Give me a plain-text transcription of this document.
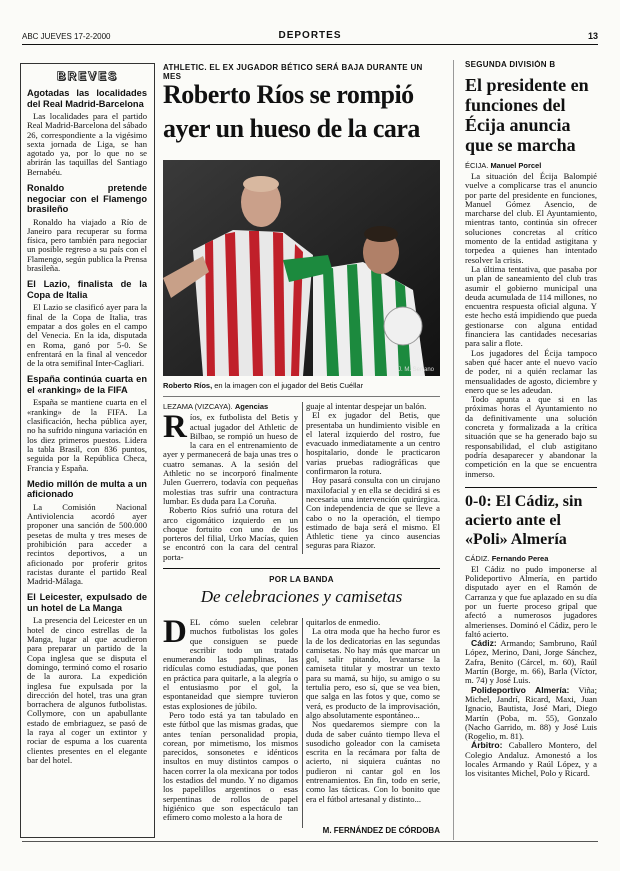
ABC JUEVES 17-2-2000	DEPORTES	13
BREVES
Agotadas las localidades del Real Madrid-Barcelona

Las localidades para el partido Real Madrid-Barcelona del sábado 26, correspondiente a la vigésimo sexta jornada de Liga, se han agotado ya, por lo que no se abrirán las taquillas del Santiago Bernabéu.

Ronaldo pretende negociar con el Flamengo brasileño

Ronaldo ha viajado a Río de Janeiro para recuperar su forma física, pero también para negociar un posible regreso a su país con el Flamengo, según publica la Prensa brasileña.

El Lazio, finalista de la Copa de Italia

El Lazio se clasificó ayer para la final de la Copa de Italia, tras empatar a dos goles en el campo del Venecia. En la ida, disputada en Roma, ganó por 5-0. Se enfrentará en la final al vencedor de la otra semifinal Inter-Cagliari.

España continúa cuarta en el «ranking» de la FIFA

España se mantiene cuarta en el «ranking» de la FIFA. La clasificación, hecha pública ayer, no ha sufrido ninguna variación en los diez primeros puestos. Lidera la tabla Brasil, con 836 puntos, seguida por la República Checa, Francia y España.

Medio millón de multa a un aficionado

La Comisión Nacional Antiviolencia acordó ayer proponer una sanción de 500.000 pesetas de multa y tres meses de prohibición para acceder a recintos deportivos, a un aficionado por proferir gritos racistas durante el partido Real Madrid-Málaga.

El Leicester, expulsado de un hotel de La Manga

La presencia del Leicester en un hotel de cinco estrellas de la Manga, lugar al que acudieron para preparar un partido de la Copa inglesa que se disputa el domingo, terminó como el rosario de la aurora. La expedición inglesa fue expulsada por la dirección del hotel, tras una gran borrachera de algunos futbolistas. Collymore, con un apabullante estado de embriaguez, se pasó de la raya al coger un extintor y rociar de espuma a los cuarenta clientes presentes en el elegante bar del hotel.

ATHLETIC. EL EX JUGADOR BÉTICO SERÁ BAJA DURANTE UN MES
Roberto Ríos se rompió
ayer un hueso de la cara
J. M. Serrano
Roberto Ríos, en la imagen con el jugador del Betis Cuéllar
LEZAMA (VIZCAYA). Agencias

Ríos, ex futbolista del Betis y actual jugador del Athletic de Bilbao, se rompió un hueso de la cara en el entrenamiento de ayer y permanecerá de baja unas tres o cuatro semanas. A la sesión del Athletic no se incorporó finalmente Julen Guerrero, todavía con pequeñas molestias tras sufrir una contractura lumbar. Es duda para La Coruña.

Roberto Ríos sufrió una rotura del arco cigomático izquierdo en un choque fortuito con uno de los porteros del filial, Urko Macías, quien se encontró con la cara del central porta-

guaje al intentar despejar un balón.

El ex jugador del Betis, que presentaba un hundimiento visible en el lateral izquierdo del rostro, fue evacuado inmediatamente a un centro hospitalario, donde le practicaron varias pruebas radiográficas que confirmaron la rotura.

Hoy pasará consulta con un cirujano maxilofacial y en ella se decidirá si es necesaria una intervención quirúrgica. Con independencia de que se lleve a cabo o no la operación, el tiempo estimado de baja será el mismo. El Athletic tiene ya cinco ausencias seguras para Riazor.

POR LA BANDA
De celebraciones y camisetas

DEL cómo suelen celebrar muchos futbolistas los goles que consiguen se puede escribir todo un tratado enumerando las pamplinas, las ridículas como estudiadas, que ponen en práctica para quitarle, a la alegría o el entusiasmo por el gol, la espontaneidad que siempre tuvieron estas explosiones de júbilo.

Pero todo está ya tan tabulado en este fútbol que las mismas gradas, que antes tenían personalidad propia, corean, por mimetismo, los mismos parecidos, sonsonetes e idénticos insultos en muy distintos campos o hacen correr la ola mexicana por todos los estadios del mundo. Y no digamos los papelillos argentinos o esas serpentinas de rollos de papel higiénico que son espectáculo tan efímero como molesto a la hora de

quitarlos de enmedio.

La otra moda que ha hecho furor es la de los dedicatorias en las segundas camisetas. No hay más que marcar un gol, salir pitando, levantarse la camiseta titular y mostrar un texto para su mamá, su hijo, su amigo o su tertulia pero, eso sí, que se vea bien, que salga en las fotos y que, como se verá, es producto de la improvisación, algo absolutamente espontáneo...

Nos quedaremos siempre con la duda de saber cuánto tiempo lleva el susodicho goleador con la camiseta escrita en la recámara por falta de acierto, ni siquiera cuántas no pudieron ni cantar gol en los entrenamientos. En fin, todo en serie, como las tácticas. Con lo bonito que era el fútbol artesanal y distinto...

M. FERNÁNDEZ DE CÓRDOBA
SEGUNDA DIVISIÓN B
El presidente en
funciones del
Écija anuncia
que se marcha
ÉCIJA. Manuel Porcel

La situación del Écija Balompié vuelve a complicarse tras el anuncio por parte del presidente en funciones, Manuel Gómez Asencio, de marcharse del club. El Ayuntamiento, mientras tanto, continúa sin ofrecer soluciones concretas al crítico momento de la entidad astigitana y torpedea a quienes han intentado resolver la crisis.

La última tentativa, que pasaba por un plan de saneamiento del club tras asumir el gobierno municipal una deuda acumulada de 114 millones, no encuentra respuesta oficial alguna. Y este hecho está impidiendo que pueda gestionarse con alguna entidad financiera las cantidades necesarias para salir a flote.

Los jugadores del Écija tampoco saben qué hacer ante el nuevo vacío de poder, ni a quién reclamar las mensualidades de agosto, diciembre y enero que se les adeudan.

Todo apunta a que si en las próximas horas el Ayuntamiento no da definitivamente una solución concreta y formalizada a la crítica situación que se ha generado bajo su responsabilidad, el club astigitano podría desaparecer y abandonar la competición en la que se encuentra inmerso.

0-0: El Cádiz, sin
acierto ante el
«Poli» Almería
CÁDIZ. Fernando Perea

El Cádiz no pudo imponerse al Polideportivo Almería, en partido disputado ayer en el Ramón de Carranza y que fue aplazado en su día por un fuerte proceso gripal que afectó a numerosos jugadores almerienses. Dominó el Cádiz, pero le faltó acierto.

Cádiz: Armando; Sambruno, Raúl López, Merino, Dani, Jorge Sánchez, Zafra, Benito (Cárcel, m. 60), Raúl Martín (Borge, m. 66), Barla (Víctor, m. 74) y José Luis.

Polideportivo Almería: Viña; Michel, Jandrí, Ricard, Maxi, Juan Ignacio, Bautista, José Mari, Diego Martín (Poba, m. 55), Gonzalo (Nacho Garrido, m. 88) y José Luis (Rogelio, m. 81).

Árbitro: Caballero Montero, del Colegio Andaluz. Amonestó a los locales Armando y Raúl López, y a los visitantes Michel, Polo y Ricard.
